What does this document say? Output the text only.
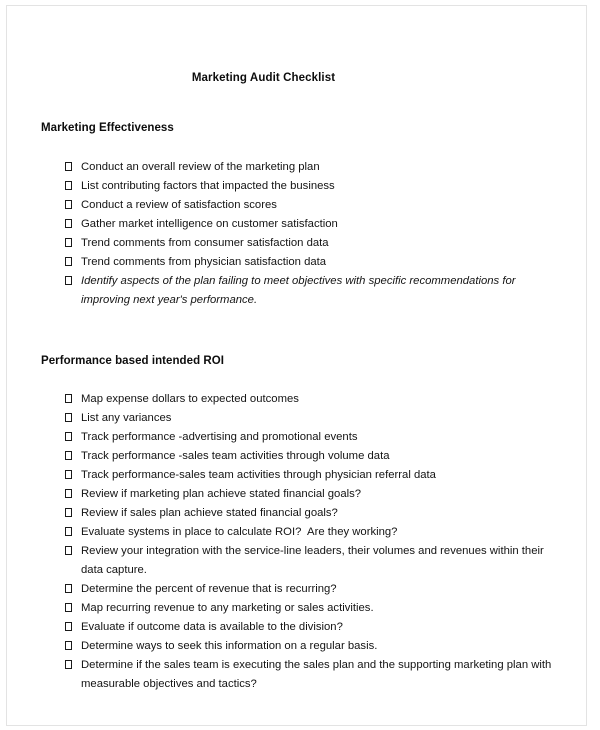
Marketing Audit Checklist
Marketing Effectiveness
Conduct an overall review of the marketing plan
List contributing factors that impacted the business
Conduct a review of satisfaction scores
Gather market intelligence on customer satisfaction
Trend comments from consumer satisfaction data
Trend comments from physician satisfaction data
Identify aspects of the plan failing to meet objectives with specific recommendations for improving next year's performance.
Performance based intended ROI
Map expense dollars to expected outcomes
List any variances
Track performance -advertising and promotional events
Track performance -sales team activities through volume data
Track performance-sales team activities through physician referral data
Review if marketing plan achieve stated financial goals?
Review if sales plan achieve stated financial goals?
Evaluate systems in place to calculate ROI?  Are they working?
Review your integration with the service-line leaders, their volumes and revenues within their data capture.
Determine the percent of revenue that is recurring?
Map recurring revenue to any marketing or sales activities.
Evaluate if outcome data is available to the division?
Determine ways to seek this information on a regular basis.
Determine if the sales team is executing the sales plan and the supporting marketing plan with measurable objectives and tactics?
